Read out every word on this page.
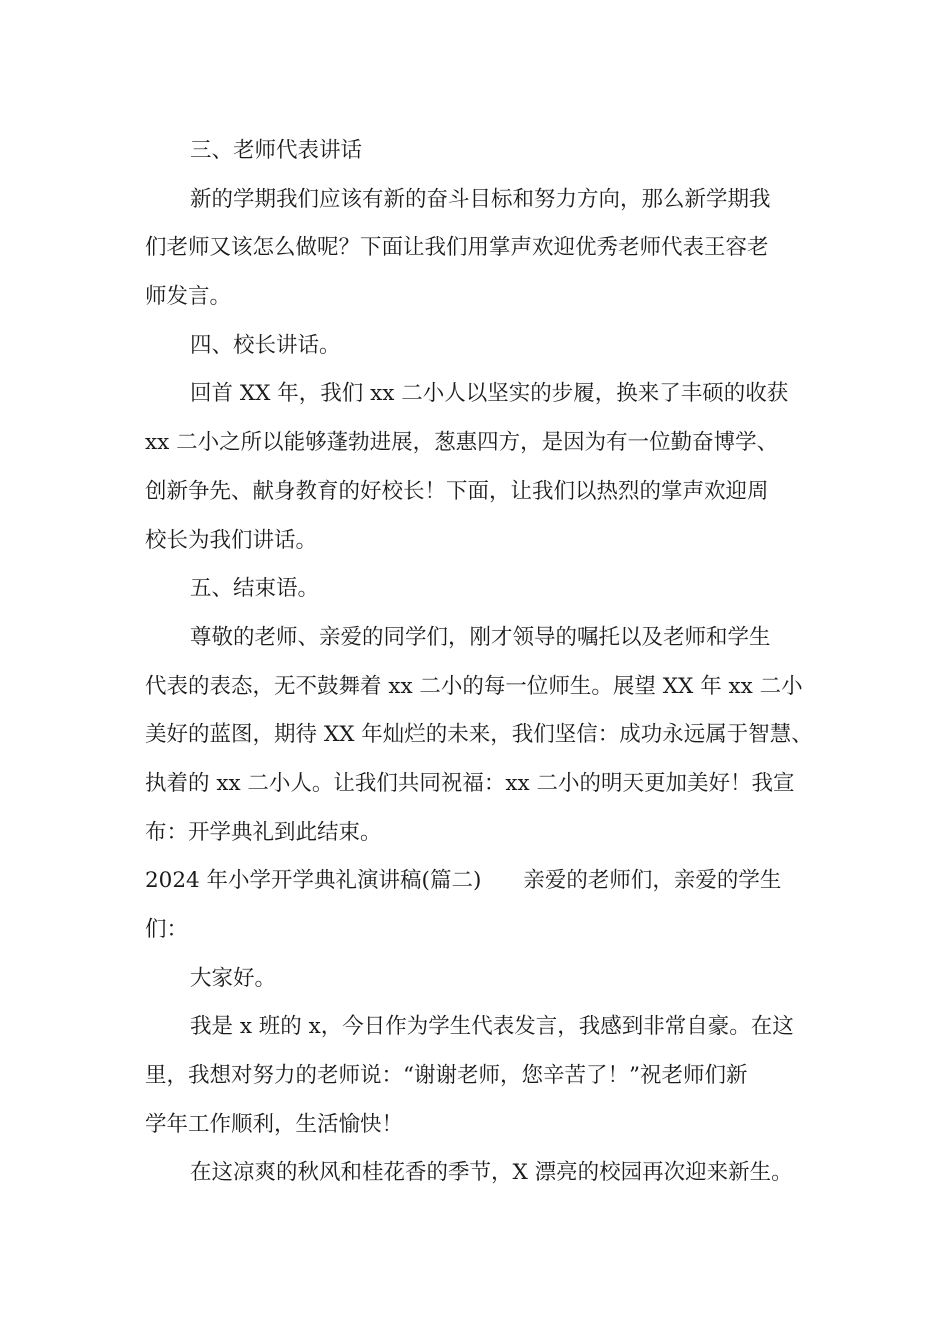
三、老师代表讲话

新的学期我们应该有新的奋斗目标和努力方向，那么新学期我
们老师又该怎么做呢？下面让我们用掌声欢迎优秀老师代表王容老
师发言。

四、校长讲话。

回首 XX 年，我们 xx 二小人以坚实的步履，换来了丰硕的收获
xx 二小之所以能够蓬勃进展，葱惠四方，是因为有一位勤奋博学、
创新争先、献身教育的好校长！下面，让我们以热烈的掌声欢迎周
校长为我们讲话。

五、结束语。

尊敬的老师、亲爱的同学们，刚才领导的嘱托以及老师和学生
代表的表态，无不鼓舞着 xx 二小的每一位师生。展望 XX 年 xx 二小
美好的蓝图，期待 XX 年灿烂的未来，我们坚信：成功永远属于智慧、
执着的 xx 二小人。让我们共同祝福：xx 二小的明天更加美好！我宣
布：开学典礼到此结束。

2024 年小学开学典礼演讲稿(篇二) 亲爱的老师们，亲爱的学生
们：

大家好。

我是 x 班的 x，今日作为学生代表发言，我感到非常自豪。在这
里，我想对努力的老师说：“谢谢老师，您辛苦了！”祝老师们新
学年工作顺利，生活愉快！

在这凉爽的秋风和桂花香的季节，X 漂亮的校园再次迎来新生。
